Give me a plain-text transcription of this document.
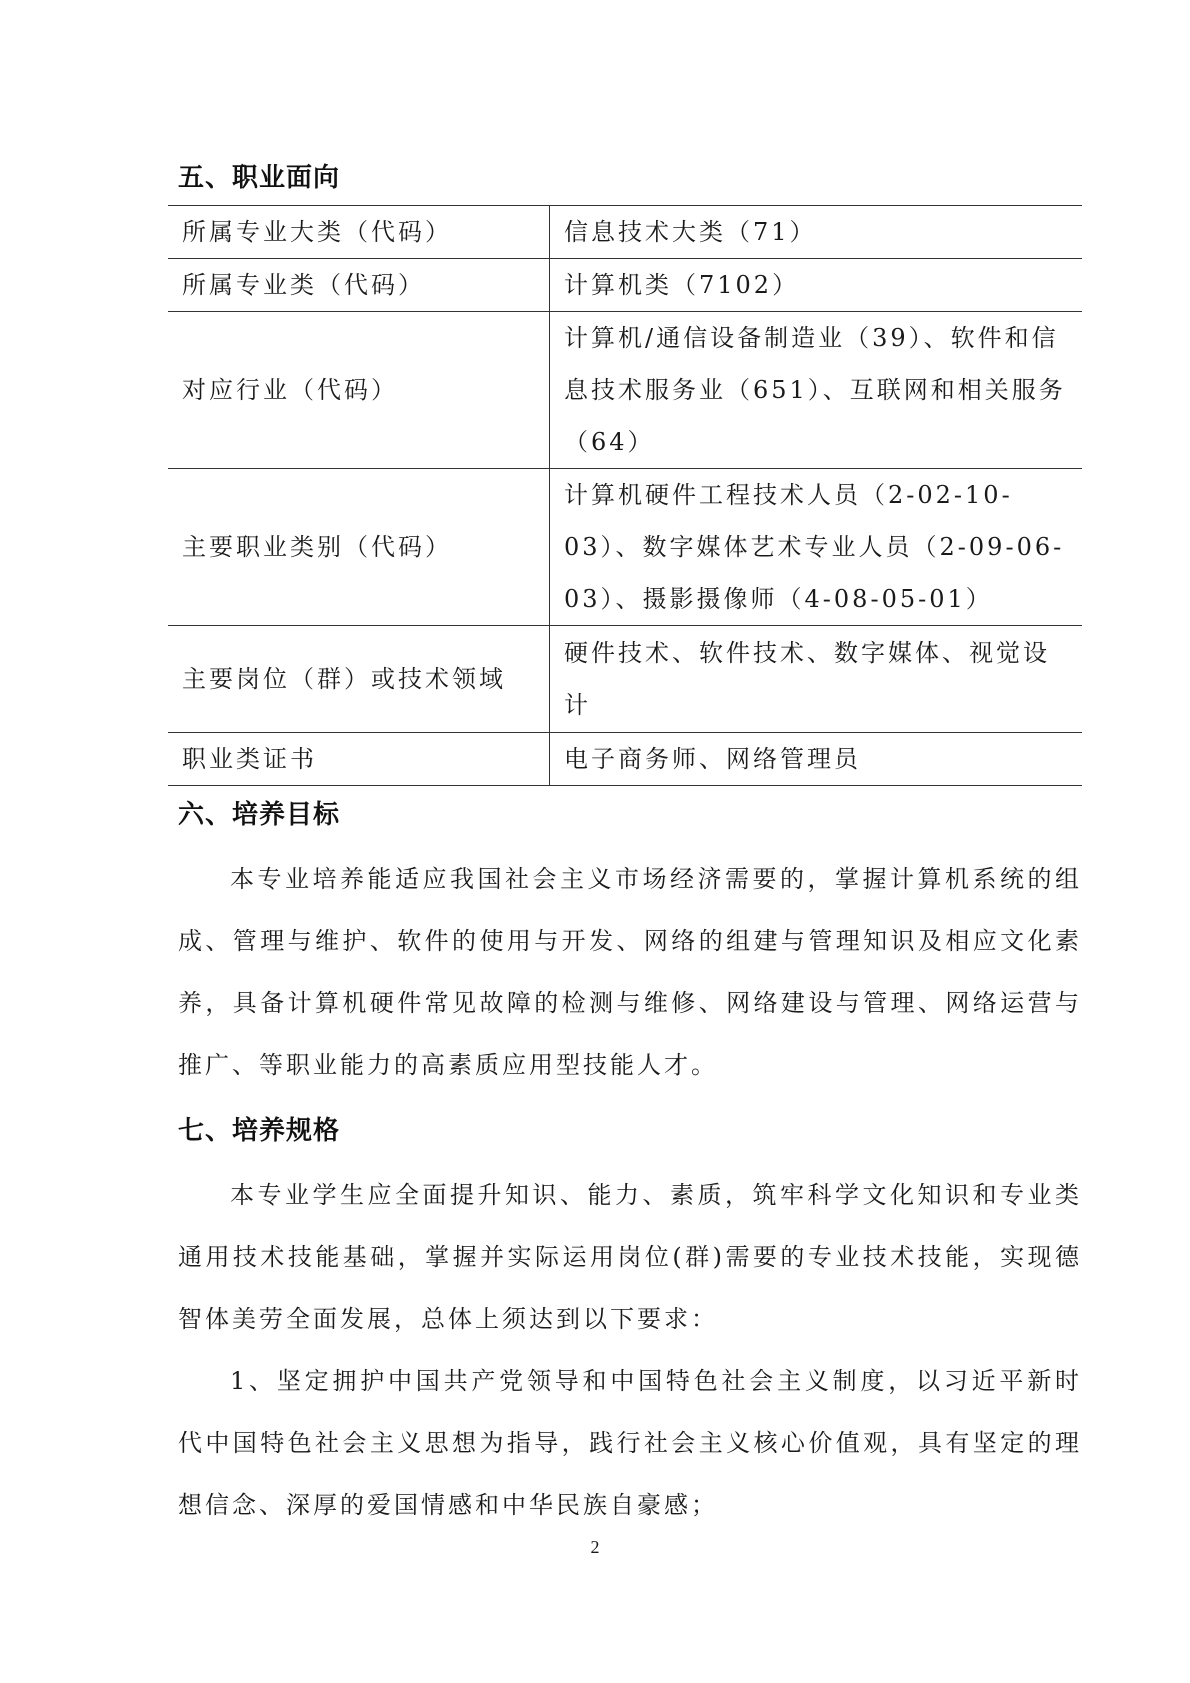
五、职业面向
所属专业大类（代码）	信息技术大类（71）
所属专业类（代码）	计算机类（7102）
对应行业（代码）	计算机/通信设备制造业（39）、软件和信息技术服务业（651）、互联网和相关服务（64）
主要职业类别（代码）	计算机硬件工程技术人员（2-02-10-03）、数字媒体艺术专业人员（2-09-06-03）、摄影摄像师（4-08-05-01）
主要岗位（群）或技术领域	硬件技术、软件技术、数字媒体、视觉设计
职业类证书	电子商务师、网络管理员
六、培养目标

本专业培养能适应我国社会主义市场经济需要的，掌握计算机系统的组成、管理与维护、软件的使用与开发、网络的组建与管理知识及相应文化素养，具备计算机硬件常见故障的检测与维修、网络建设与管理、网络运营与推广、等职业能力的高素质应用型技能人才。

七、培养规格

本专业学生应全面提升知识、能力、素质，筑牢科学文化知识和专业类通用技术技能基础，掌握并实际运用岗位(群)需要的专业技术技能，实现德智体美劳全面发展，总体上须达到以下要求：

1、坚定拥护中国共产党领导和中国特色社会主义制度，以习近平新时代中国特色社会主义思想为指导，践行社会主义核心价值观，具有坚定的理想信念、深厚的爱国情感和中华民族自豪感；

2
